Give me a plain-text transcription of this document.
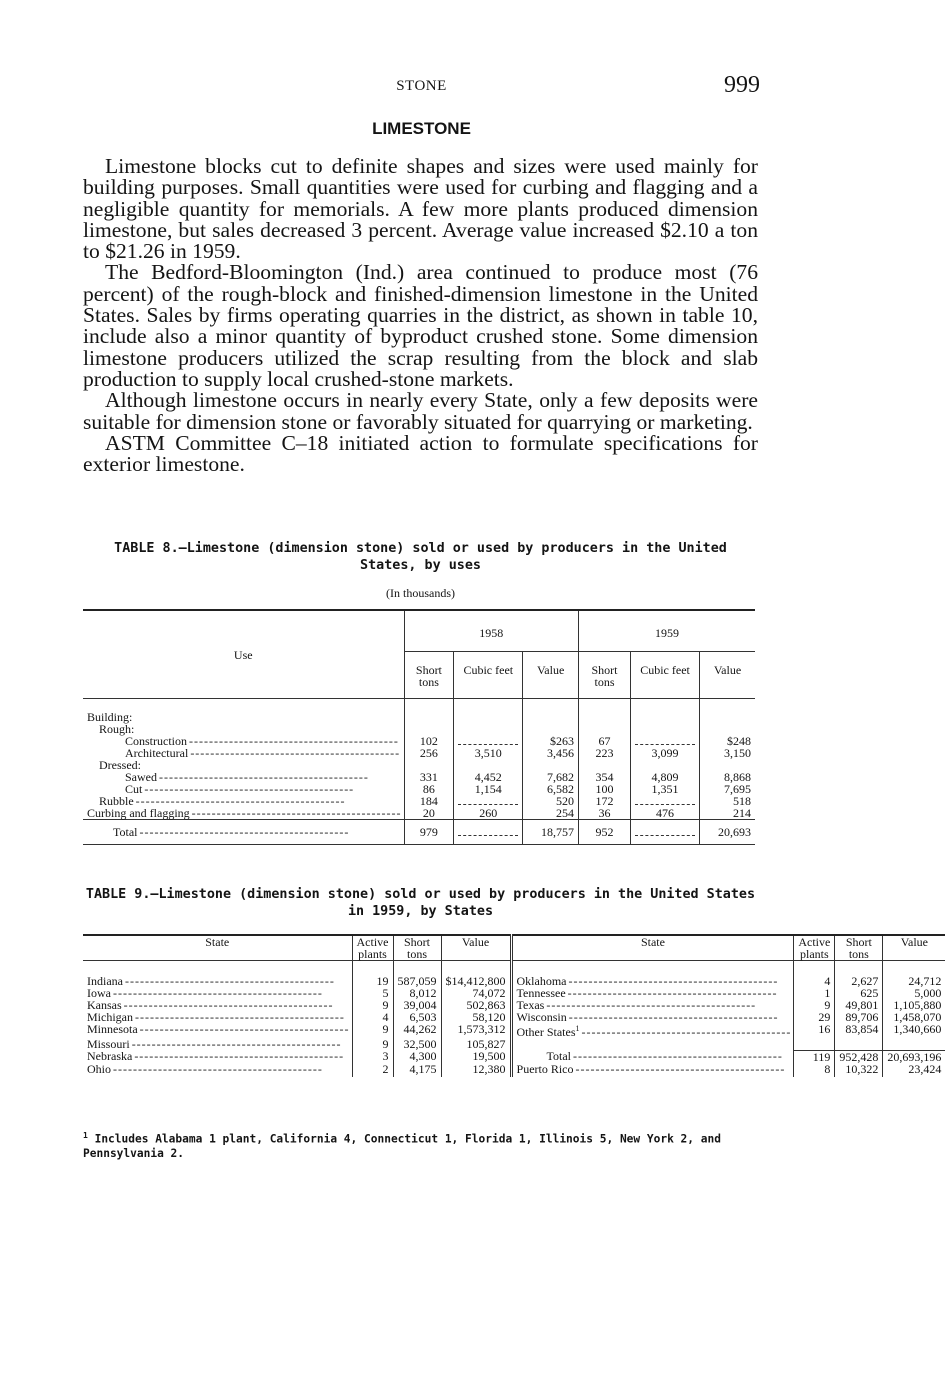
STONE	999
LIMESTONE

Limestone blocks cut to definite shapes and sizes were used mainly for building purposes. Small quantities were used for curbing and flagging and a negligible quantity for memorials. A few more plants produced dimension limestone, but sales decreased 3 percent. Average value increased $2.10 a ton to $21.26 in 1959.

The Bedford-Bloomington (Ind.) area continued to produce most (76 percent) of the rough-block and finished-dimension limestone in the United States. Sales by firms operating quarries in the district, as shown in table 10, include also a minor quantity of byproduct crushed stone. Some dimension limestone producers utilized the scrap resulting from the block and slab production to supply local crushed-stone markets.

Although limestone occurs in nearly every State, only a few deposits were suitable for dimension stone or favorably situated for quarrying or marketing.

ASTM Committee C–18 initiated action to formulate specifications for exterior limestone.

TABLE 8.—Limestone (dimension stone) sold or used by producers in the United States, by uses
(In thousands)
Use	1958			1959		
	Short tons	Cubic feet	Value	Short tons	Cubic feet	Value

Building:						
Rough:						
Construction - - -	102		$263	67		$248
Architectural - - -	256	3,510	3,456	223	3,099	3,150
Dressed:						
Sawed - - -	331	4,452	7,682	354	4,809	8,868
Cut - - -	86	1,154	6,582	100	1,351	7,695
Rubble - - -	184		520	172		518
Curbing and flagging - - -	20	260	254	36	476	214
Total - - -	979		18,757	952		20,693
TABLE 9.—Limestone (dimension stone) sold or used by producers in the United States in 1959, by States
State	Active plants	Short tons	Value	State	Active plants	Short tons	Value
Indiana - - -	19	587,059	$14,412,800	Oklahoma - - -	4	2,627	24,712
Iowa - - -	5	8,012	74,072	Tennessee - - -	1	625	5,000
Kansas - - -	9	39,004	502,863	Texas - - -	9	49,801	1,105,880
Michigan - - -	4	6,503	58,120	Wisconsin - - -	29	89,706	1,458,070
Minnesota - - -	9	44,262	1,573,312	Other States$^1$ - - -	16	83,854	1,340,660
Missouri - - -	9	32,500	105,827				
Nebraska - - -	3	4,300	19,500	Total - - -	119	952,428	20,693,196
Ohio - - -	2	4,175	12,380	Puerto Rico - - -	8	10,322	23,424
$^1$ Includes Alabama 1 plant, California 4, Connecticut 1, Florida 1, Illinois 5, New York 2, and Pennsylvania 2.
